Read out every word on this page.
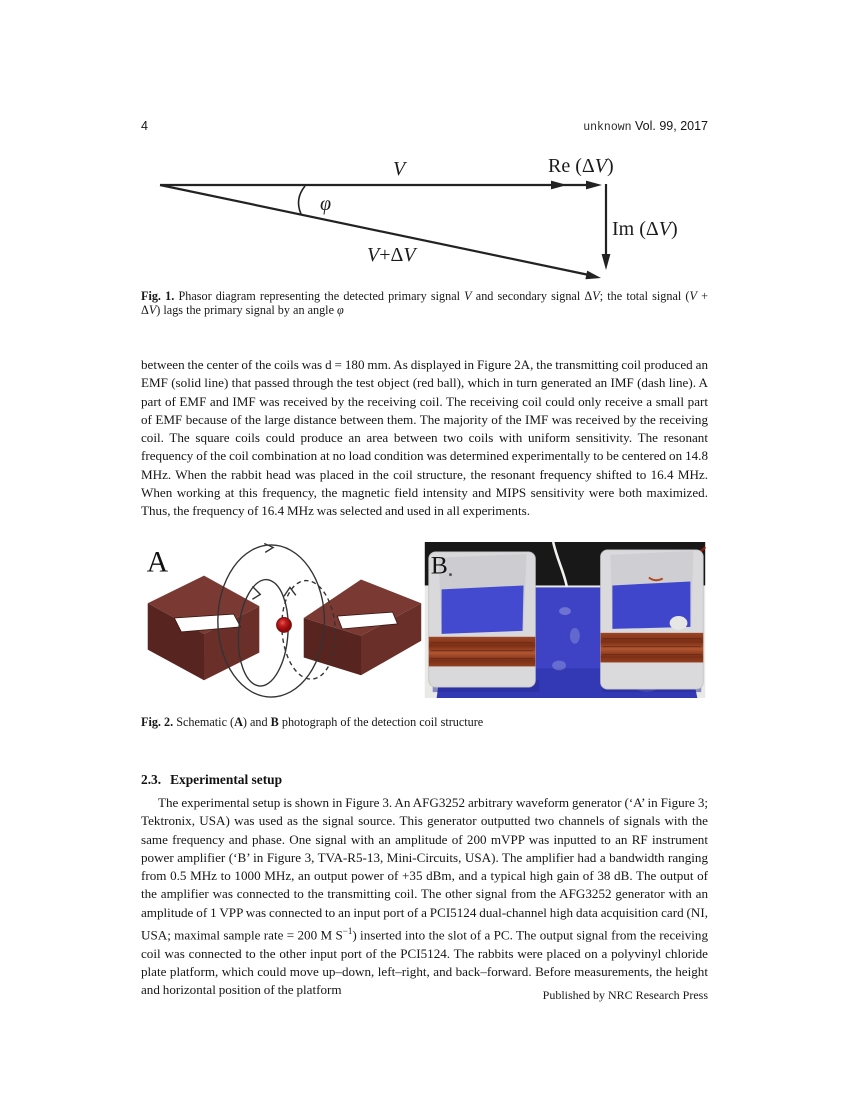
4	unknown Vol. 99, 2017
V	Re (ΔV)
Im (ΔV)
V+ΔV
φ
Fig. 1. Phasor diagram representing the detected primary signal V and secondary signal ΔV; the total signal (V + ΔV) lags the primary signal by an angle φ
between the center of the coils was d = 180 mm. As displayed in Figure 2A, the transmitting coil produced an EMF (solid line) that passed through the test object (red ball), which in turn generated an IMF (dash line). A part of EMF and IMF was received by the receiving coil. The receiving coil could only receive a small part of EMF because of the large distance between them. The majority of the IMF was received by the receiving coil. The square coils could produce an area between two coils with uniform sensitivity. The resonant frequency of the coil combination at no load condition was determined experimentally to be centered on 14.8 MHz. When the rabbit head was placed in the coil structure, the resonant frequency shifted to 16.4 MHz. When working at this frequency, the magnetic field intensity and MIPS sensitivity were both maximized. Thus, the frequency of 16.4 MHz was selected and used in all experiments.
A	B
Fig. 2. Schematic (A) and B photograph of the detection coil structure
2.3. Experimental setup
The experimental setup is shown in Figure 3. An AFG3252 arbitrary waveform generator (‘A’ in Figure 3; Tektronix, USA) was used as the signal source. This generator outputted two channels of signals with the same frequency and phase. One signal with an amplitude of 200 mVPP was inputted to an RF instrument power amplifier (‘B’ in Figure 3, TVA-R5-13, Mini-Circuits, USA). The amplifier had a bandwidth ranging from 0.5 MHz to 1000 MHz, an output power of +35 dBm, and a typical high gain of 38 dB. The output of the amplifier was connected to the transmitting coil. The other signal from the AFG3252 generator with an amplitude of 1 VPP was connected to an input port of a PCI5124 dual-channel high data acquisition card (NI, USA; maximal sample rate = 200 M $S^{-1}$) inserted into the slot of a PC. The output signal from the receiving coil was connected to the other input port of the PCI5124. The rabbits were placed on a polyvinyl chloride plate platform, which could move up–down, left–right, and back–forward. Before measurements, the height and horizontal position of the platform	Published by NRC Research Press
